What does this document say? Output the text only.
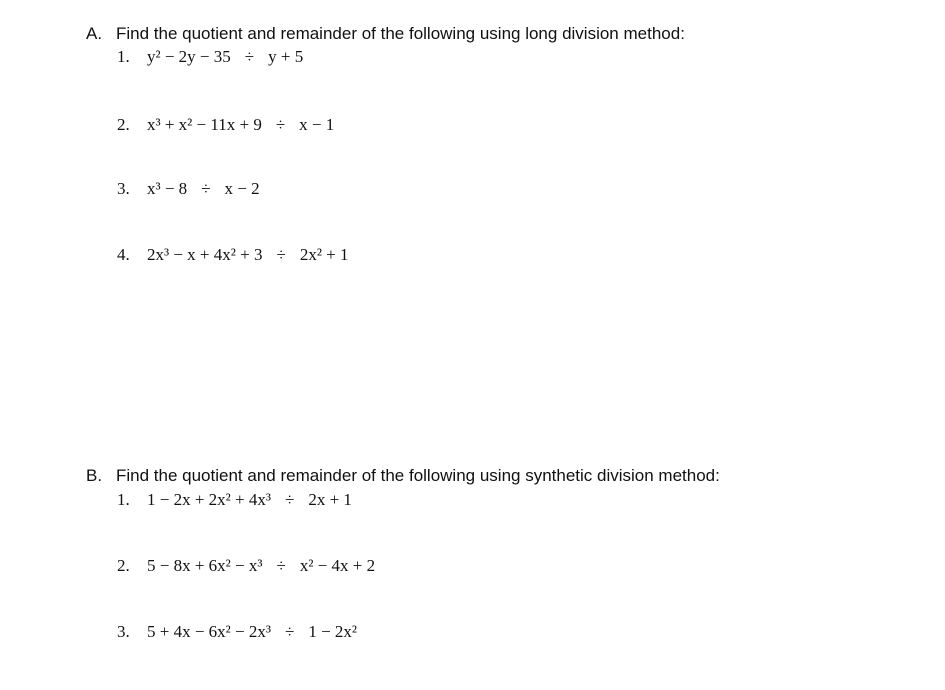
A. Find the quotient and remainder of the following using long division method:
1. y² − 2y − 35 ÷ y + 5
2. x³ + x² − 11x + 9 ÷ x − 1
3. x³ − 8 ÷ x − 2
4. 2x³ − x + 4x² + 3 ÷ 2x² + 1
B. Find the quotient and remainder of the following using synthetic division method:
1. 1 − 2x + 2x² + 4x³ ÷ 2x + 1
2. 5 − 8x + 6x² − x³ ÷ x² − 4x + 2
3. 5 + 4x − 6x² − 2x³ ÷ 1 − 2x²
